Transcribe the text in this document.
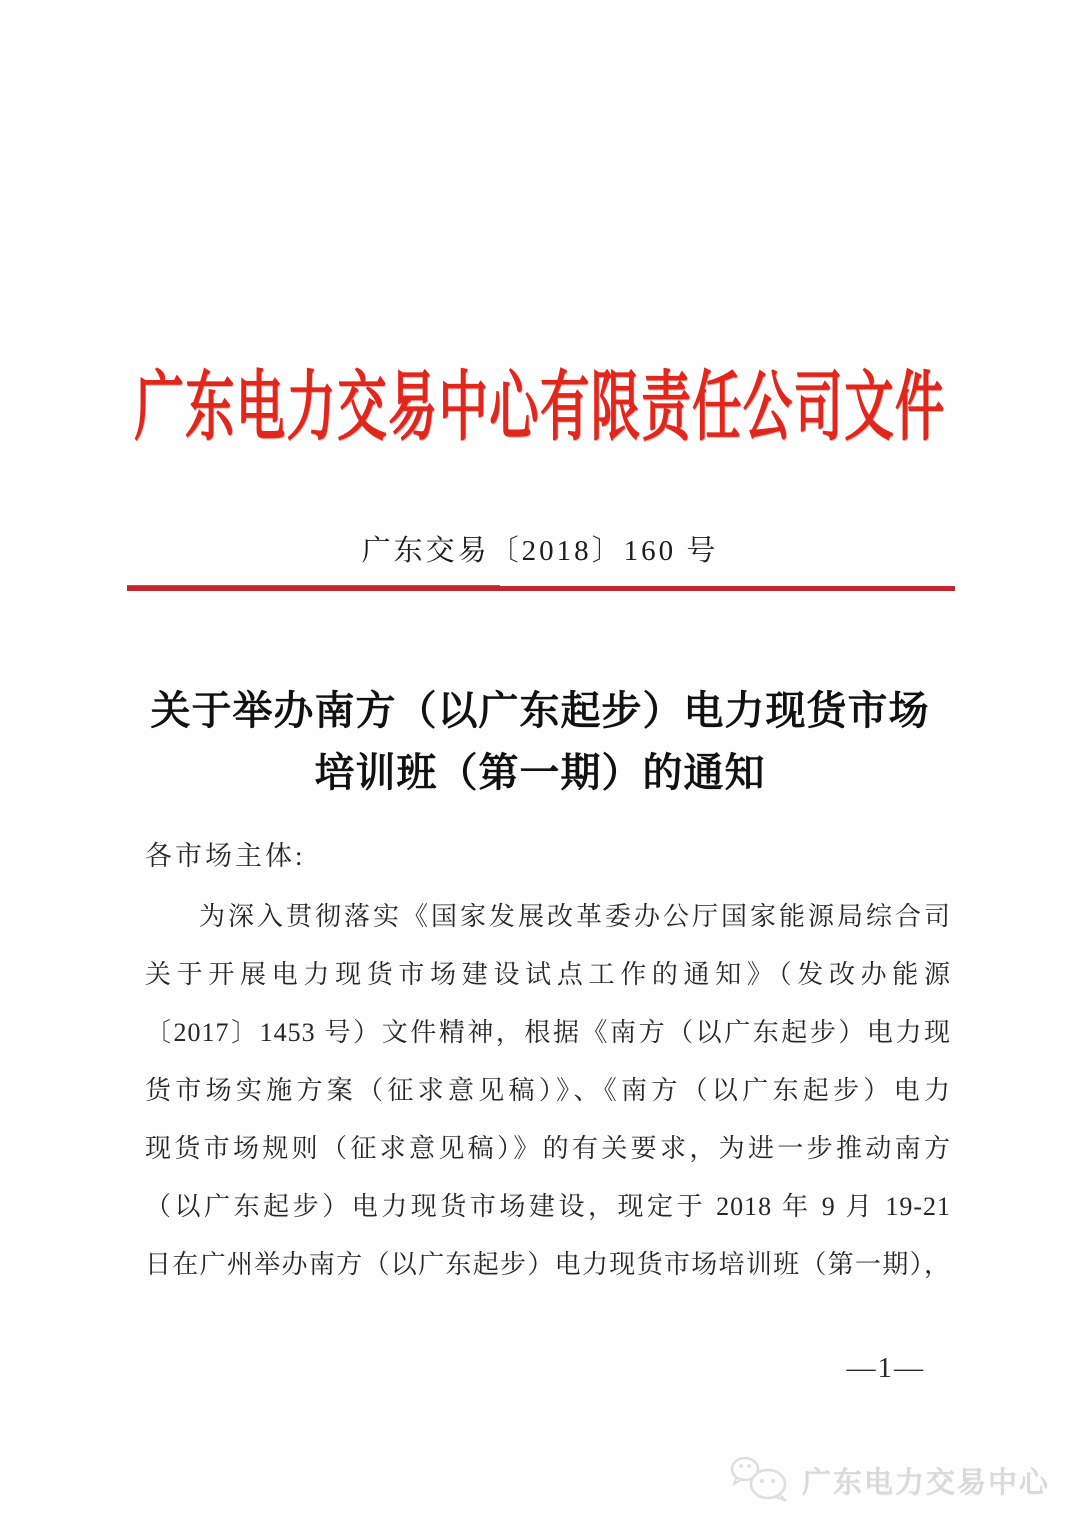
广东电力交易中心有限责任公司文件
广东交易〔2018〕160 号
关于举办南方（以广东起步）电力现货市场
培训班（第一期）的通知
各市场主体:
为深入贯彻落实《国家发展改革委办公厅国家能源局综合司
关于开展电力现货市场建设试点工作的通知》（发改办能源
〔2017〕1453 号）文件精神，根据《南方（以广东起步）电力现
货市场实施方案（征求意见稿）》、《南方（以广东起步）电力
现货市场规则（征求意见稿）》的有关要求，为进一步推动南方
（以广东起步）电力现货市场建设，现定于 2018 年 9 月 19-21
日在广州举办南方（以广东起步）电力现货市场培训班（第一期），
—1—
广东电力交易中心
